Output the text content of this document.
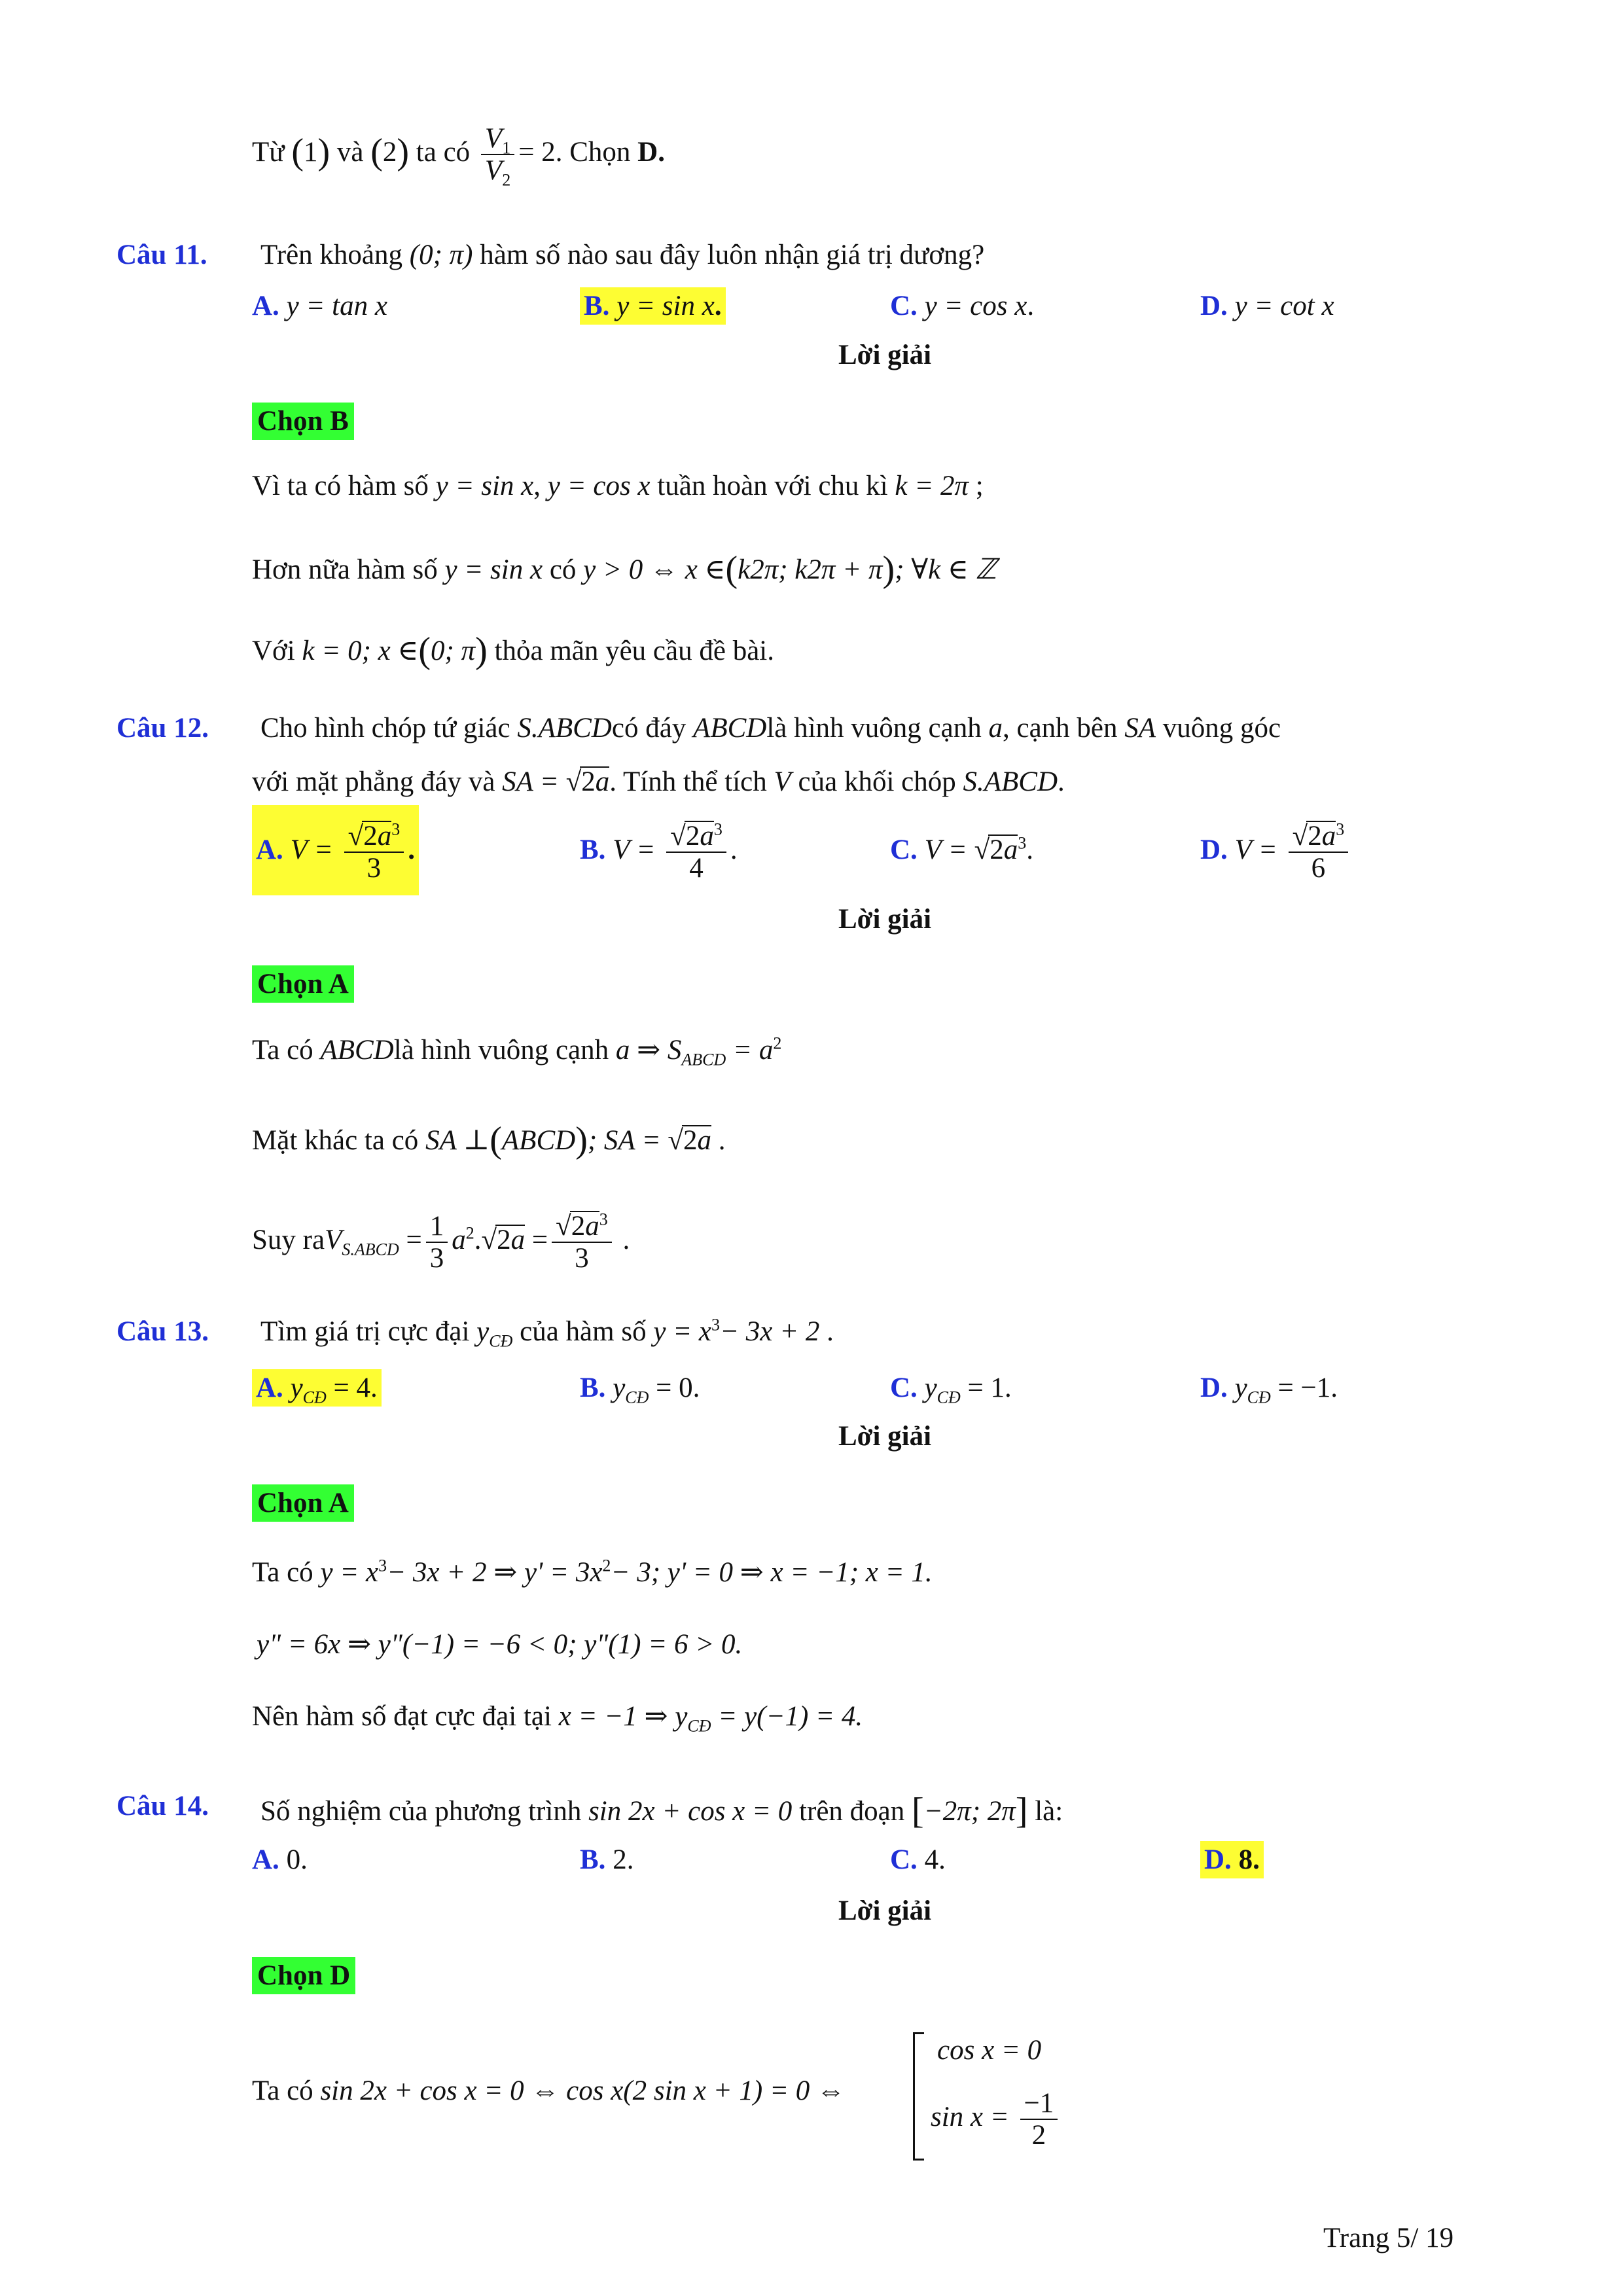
Từ (1) và (2) ta có $\frac{V_1}{V_2} = 2$. Chọn D.
Câu 11. Trên khoảng (0; π) hàm số nào sau đây luôn nhận giá trị dương?
A. y = tan x	B. y = sin x.	C. y = cos x.	D. y = cot x
Lời giải
Chọn B
Vì ta có hàm số y = sin x, y = cos x tuần hoàn với chu kì k = 2π ;
Hơn nữa hàm số y = sin x có y > 0 ⇔ x ∈(k2π; k2π + π); ∀k ∈ ℤ
Với k = 0; x ∈(0; π) thỏa mãn yêu cầu đề bài.
Câu 12. Cho hình chóp tứ giác S.ABCDcó đáy ABCDlà hình vuông cạnh a, cạnh bên SA vuông góc
với mặt phẳng đáy và SA = √2a. Tính thể tích V của khối chóp S.ABCD.
A. $V = \frac{√2a^3}{3}$ .	B. $V = \frac{√2a^3}{4}$ .	C. $V = √2a^3$.	D. $V = \frac{√2a^3}{6}$
Lời giải
Chọn A
Ta có ABCDlà hình vuông cạnh a ⇒ $S_{ABCD} = a^2$
Mặt khác ta có SA ⊥(ABCD); SA = √2a .
Suy $raV_{S.ABCD} = \frac{1}{3} a^2.√2a = \frac{√2a^3}{3}$ .
Câu 13. Tìm giá trị cực đại $y_{CĐ}$ của hàm số $y = x^3- 3x + 2$ .
A. $y_{CĐ} = 4$.	B. $y_{CĐ} = 0$.	C. $y_{CĐ} = 1$.	D. $y_{CĐ} = -1$.
Lời giải
Chọn A
Ta có $y = x^3- 3x + 2$ ⇒ $y' = 3x^2- 3$; y' = 0 ⇒ x = −1; x = 1.
y" = 6x ⇒ y"(−1) = −6 < 0; y"(1) = 6 > 0.
Nên hàm số đạt cực đại tại x = −1 ⇒ $y_{CĐ} = y(-1) = 4$.
Câu 14. Số nghiệm của phương trình sin 2x + cos x = 0 trên đoạn [−2π; 2π] là:
A. 0.	B. 2.	C. 4.	D. 8.
Lời giải
Chọn D
Ta có sin 2x + cos x = 0 ⇔ cos x(2 sin x + 1) = 0 ⇔
cos x = 0
$\sin x = \frac{-1}{2}$
Trang 5/ 19
